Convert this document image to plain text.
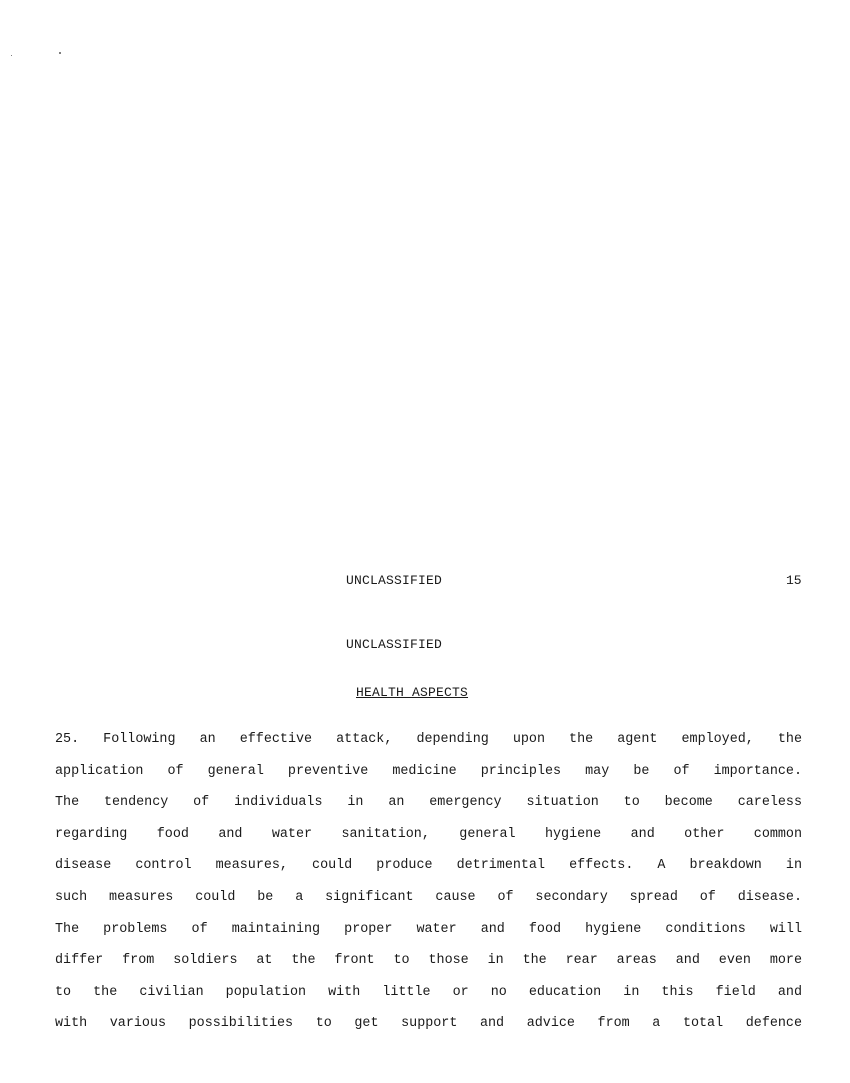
UNCLASSIFIED	15
UNCLASSIFIED
HEALTH ASPECTS
25. Following an effective attack, depending upon the agent employed, the
application of general preventive medicine principles may be of importance.
The tendency of individuals in an emergency situation to become careless
regarding food and water sanitation, general hygiene and other common
disease control measures, could produce detrimental effects. A breakdown in
such measures could be a significant cause of secondary spread of disease.
The problems of maintaining proper water and food hygiene conditions will
differ from soldiers at the front to those in the rear areas and even more
to the civilian population with little or no education in this field and
with various possibilities to get support and advice from a total defence
